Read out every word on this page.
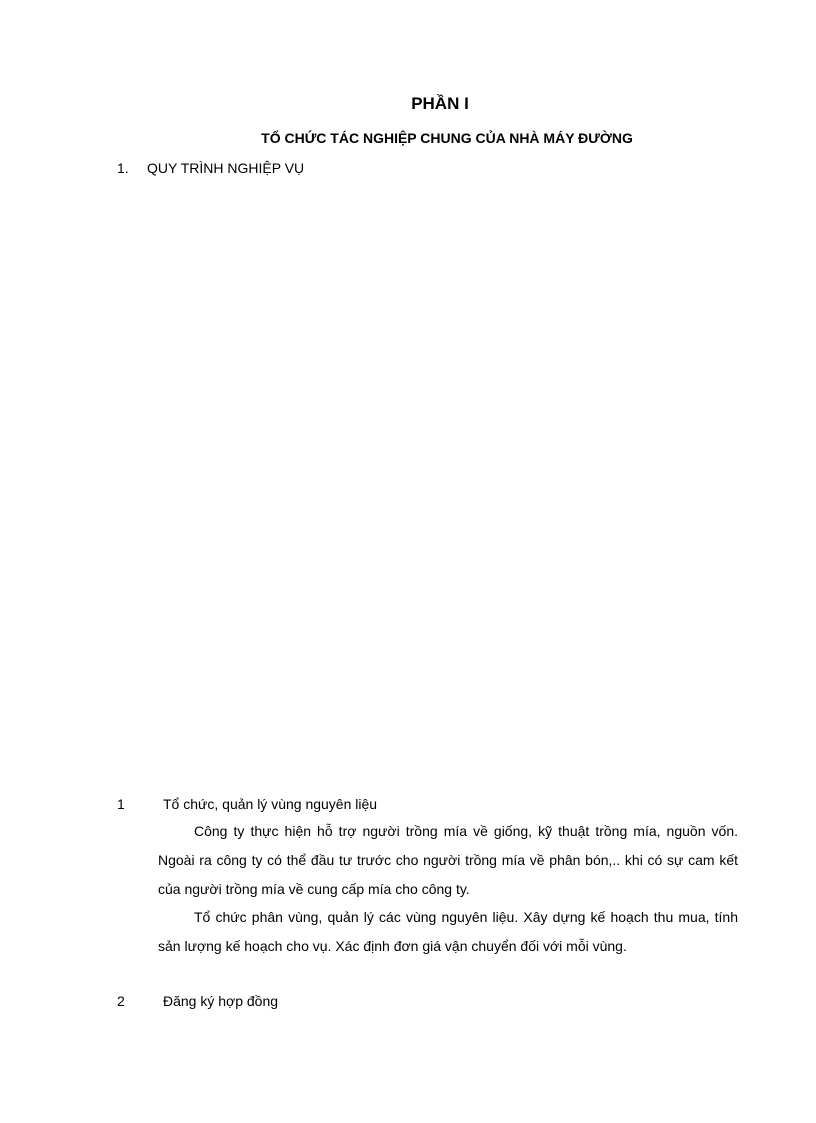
PHẦN I
TỔ CHỨC TÁC NGHIỆP CHUNG CỦA NHÀ MÁY ĐƯỜNG
1. QUY TRÌNH NGHIỆP VỤ
1	Tổ chức, quản lý vùng nguyên liệu

Công ty thực hiện hỗ trợ người trồng mía về giống, kỹ thuật trồng mía, nguồn vốn. Ngoài ra công ty có thể đầu tư trước cho người trồng mía về phân bón,.. khi có sự cam kết của người trồng mía về cung cấp mía cho công ty.

Tổ chức phân vùng, quản lý các vùng nguyên liệu. Xây dựng kế hoạch thu mua, tính sản lượng kế hoạch cho vụ. Xác định đơn giá vận chuyển đối với mỗi vùng.

2	Đăng ký hợp đồng
